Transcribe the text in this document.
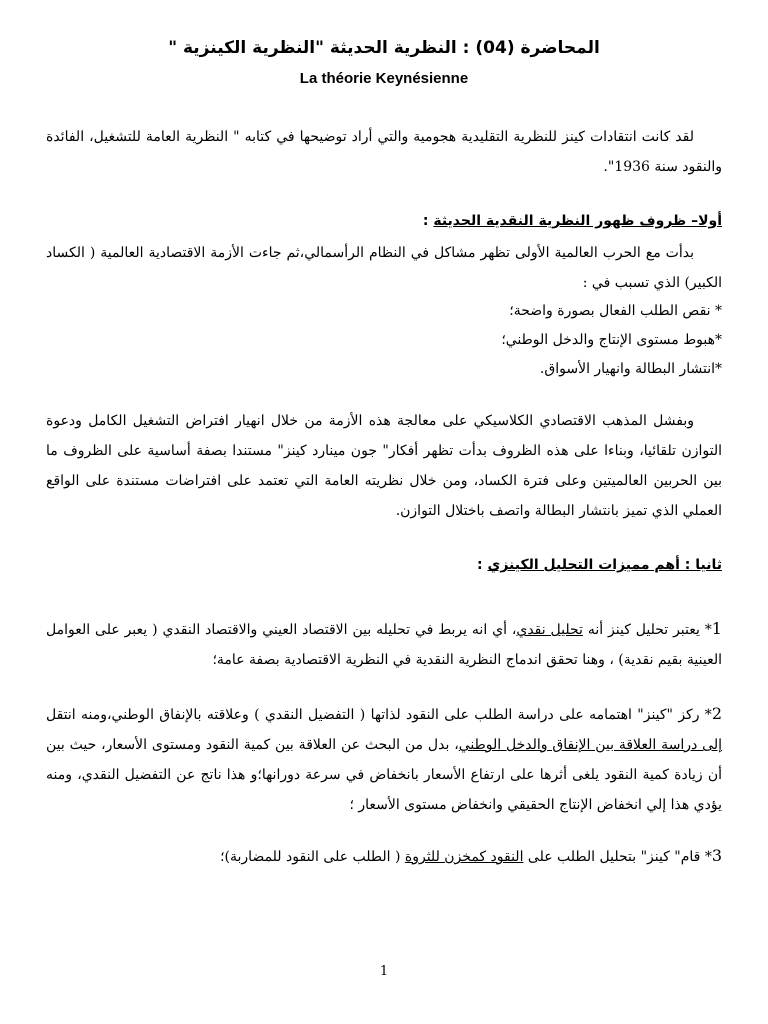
المحاضرة (04) : النظرية الحديثة "النظرية الكينزية "
La théorie Keynésienne
لقد كانت انتقادات كينز للنظرية التقليدية هجومية والتي أراد توضيحها في كتابه " النظرية العامة للتشغيل، الفائدة والنقود سنة 1936".
أولا– ظروف ظهور النظرية النقدية الحديثة :
بدأت مع الحرب العالمية الأولى تظهر مشاكل في النظام الرأسمالي،ثم جاءت الأزمة الاقتصادية العالمية ( الكساد الكبير) الذي تسبب في :
* نقص الطلب الفعال بصورة واضحة؛
*هبوط مستوى الإنتاج والدخل الوطني؛
*انتشار البطالة وانهيار الأسواق.
وبفشل المذهب الاقتصادي الكلاسيكي على معالجة هذه الأزمة من خلال انهيار افتراض التشغيل الكامل ودعوة التوازن تلقائيا، وبناءا على هذه الظروف بدأت تظهر أفكار" جون مينارد كينز" مستندا بصفة أساسية على الظروف ما بين الحربين العالميتين وعلى فترة الكساد، ومن خلال نظريته العامة التي تعتمد على افتراضات مستندة على الواقع العملي الذي تميز بانتشار البطالة واتصف باختلال التوازن.
ثانيا : أهم مميزات التحليل الكينزي :
1* يعتبر تحليل كينز أنه تحليل نقدي، أي انه يربط في تحليله بين الاقتصاد العيني والاقتصاد النقدي ( يعبر على العوامل العينية بقيم نقدية) ، وهنا تحقق اندماج النظرية النقدية في النظرية الاقتصادية بصفة عامة؛
2* ركز "كينز" اهتمامه على دراسة الطلب على النقود لذاتها ( التفضيل النقدي ) وعلاقته بالإنفاق الوطني،ومنه انتقل إلى دراسة العلاقة بين الإنفاق والدخل الوطني، بدل من البحث عن العلاقة بين كمية النقود ومستوى الأسعار، حيث بين أن زيادة كمية النقود يلغى أثرها على ارتفاع الأسعار بانخفاض في سرعة دورانها؛و هذا ناتج عن التفضيل النقدي، ومنه يؤدي هذا إلي انخفاض الإنتاج الحقيقي وانخفاض مستوى الأسعار ؛
3* قام" كينز" بتحليل الطلب على النقود كمخزن للثروة ( الطلب على النقود للمضاربة)؛
1
